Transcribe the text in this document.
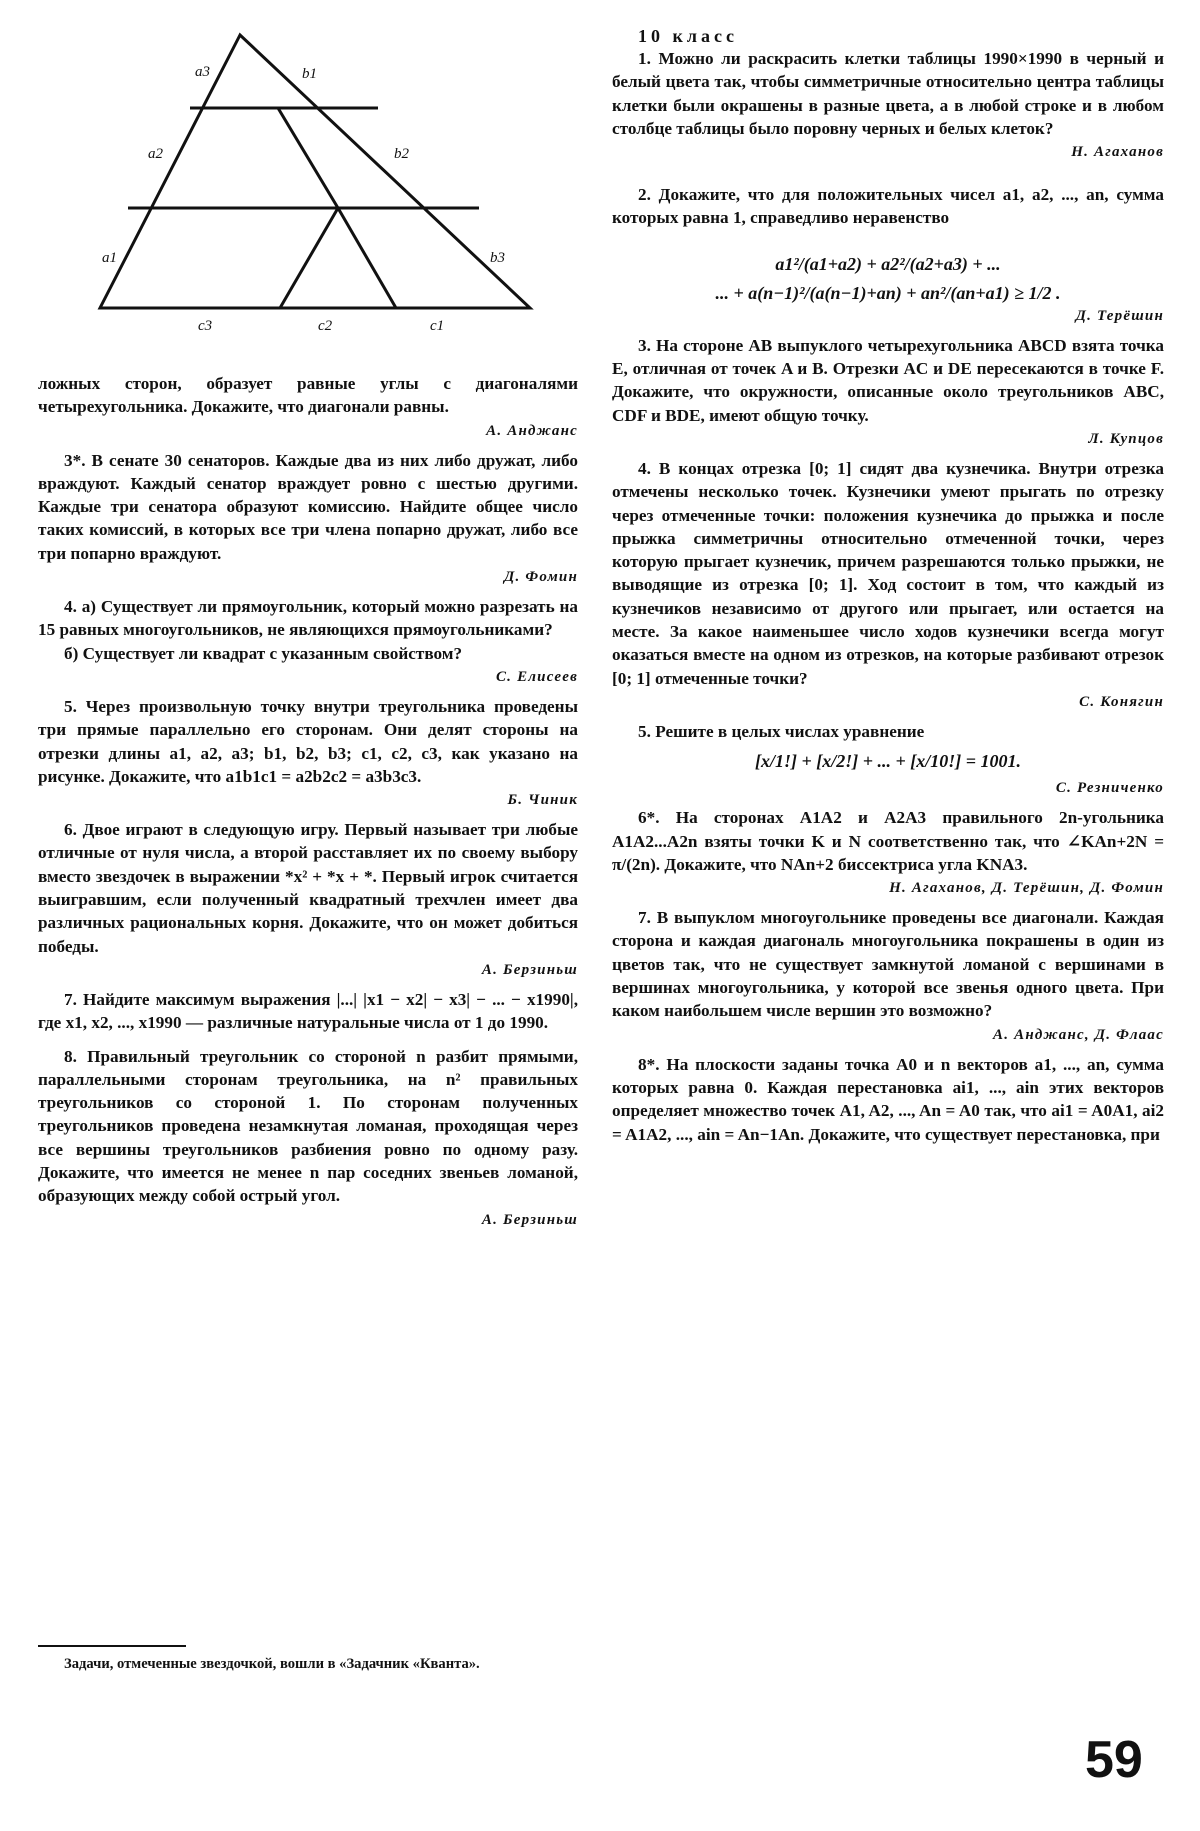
a3	b1
a2	b2
a1	b3
c3	c2	c1

ложных сторон, образует равные углы с диагоналями четырехугольника. Докажите, что диагонали равны.

А. Анджанс

3*. В сенате 30 сенаторов. Каждые два из них либо дружат, либо враждуют. Каждый сенатор враждует ровно с шестью другими. Каждые три сенатора образуют комиссию. Найдите общее число таких комиссий, в которых все три члена попарно дружат, либо все три попарно враждуют.

Д. Фомин

4. а) Существует ли прямоугольник, который можно разрезать на 15 равных многоугольников, не являющихся прямоугольниками?

б) Существует ли квадрат с указанным свойством?

С. Елисеев

5. Через произвольную точку внутри треугольника проведены три прямые параллельно его сторонам. Они делят стороны на отрезки длины a1, a2, a3; b1, b2, b3; c1, c2, c3, как указано на рисунке. Докажите, что a1b1c1 = a2b2c2 = a3b3c3.

Б. Чиник

6. Двое играют в следующую игру. Первый называет три любые отличные от нуля числа, а второй расставляет их по своему выбору вместо звездочек в выражении *x² + *x + *. Первый игрок считается выигравшим, если полученный квадратный трехчлен имеет два различных рациональных корня. Докажите, что он может добиться победы.

А. Берзиньш

7. Найдите максимум выражения |...| |x1 − x2| − x3| − ... − x1990|, где x1, x2, ..., x1990 — различные натуральные числа от 1 до 1990.

8. Правильный треугольник со стороной n разбит прямыми, параллельными сторонам треугольника, на n² правильных треугольников со стороной 1. По сторонам полученных треугольников проведена незамкнутая ломаная, проходящая через все вершины треугольников разбиения ровно по одному разу. Докажите, что имеется не менее n пар соседних звеньев ломаной, образующих между собой острый угол.

А. Берзиньш

Задачи, отмеченные звездочкой, вошли в «Задачник «Кванта».

10 класс

1. Можно ли раскрасить клетки таблицы 1990×1990 в черный и белый цвета так, чтобы симметричные относительно центра таблицы клетки были окрашены в разные цвета, а в любой строке и в любом столбце таблицы было поровну черных и белых клеток?

Н. Агаханов

2. Докажите, что для положительных чисел a1, a2, ..., an, сумма которых равна 1, справедливо неравенство

a1²/(a1+a2) + a2²/(a2+a3) + ...
... + a(n−1)²/(a(n−1)+an) + an²/(an+a1) ≥ 1/2 .
Д. Терёшин

3. На стороне AB выпуклого четырехугольника ABCD взята точка E, отличная от точек A и B. Отрезки AC и DE пересекаются в точке F. Докажите, что окружности, описанные около треугольников ABC, CDF и BDE, имеют общую точку.

Л. Купцов

4. В концах отрезка [0; 1] сидят два кузнечика. Внутри отрезка отмечены несколько точек. Кузнечики умеют прыгать по отрезку через отмеченные точки: положения кузнечика до прыжка и после прыжка симметричны относительно отмеченной точки, через которую прыгает кузнечик, причем разрешаются только прыжки, не выводящие из отрезка [0; 1]. Ход состоит в том, что каждый из кузнечиков независимо от другого или прыгает, или остается на месте. За какое наименьшее число ходов кузнечики всегда могут оказаться вместе на одном из отрезков, на которые разбивают отрезок [0; 1] отмеченные точки?

С. Конягин

5. Решите в целых числах уравнение

[x/1!] + [x/2!] + ... + [x/10!] = 1001.
С. Резниченко

6*. На сторонах A1A2 и A2A3 правильного 2n-угольника A1A2...A2n взяты точки K и N соответственно так, что ∠KAn+2N = π/(2n). Докажите, что NAn+2 биссектриса угла KNA3.

Н. Агаханов, Д. Терёшин, Д. Фомин

7. В выпуклом многоугольнике проведены все диагонали. Каждая сторона и каждая диагональ многоугольника покрашены в один из цветов так, что не существует замкнутой ломаной с вершинами в вершинах многоугольника, у которой все звенья одного цвета. При каком наибольшем числе вершин это возможно?

А. Анджанс, Д. Флаас

8*. На плоскости заданы точка A0 и n векторов a1, ..., an, сумма которых равна 0. Каждая перестановка ai1, ..., ain этих векторов определяет множество точек A1, A2, ..., An = A0 так, что ai1 = A0A1, ai2 = A1A2, ..., ain = An−1An. Докажите, что существует перестановка, при

59
